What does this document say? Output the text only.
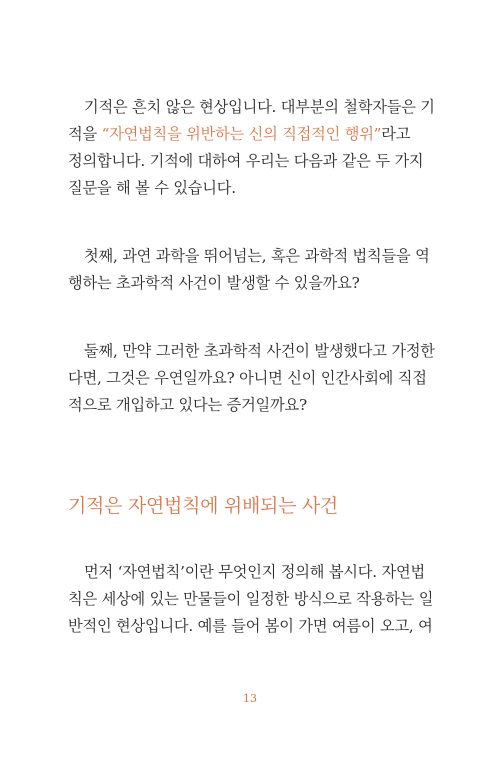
기적은 흔치 않은 현상입니다. 대부분의 철학자들은 기
적을 “자연법칙을 위반하는 신의 직접적인 행위”라고
정의합니다. 기적에 대하여 우리는 다음과 같은 두 가지
질문을 해 볼 수 있습니다.
첫째, 과연 과학을 뛰어넘는, 혹은 과학적 법칙들을 역
행하는 초과학적 사건이 발생할 수 있을까요?
둘째, 만약 그러한 초과학적 사건이 발생했다고 가정한
다면, 그것은 우연일까요? 아니면 신이 인간사회에 직접
적으로 개입하고 있다는 증거일까요?
기적은 자연법칙에 위배되는 사건
먼저 ‘자연법칙’이란 무엇인지 정의해 봅시다. 자연법
칙은 세상에 있는 만물들이 일정한 방식으로 작용하는 일
반적인 현상입니다. 예를 들어 봄이 가면 여름이 오고, 여
13
